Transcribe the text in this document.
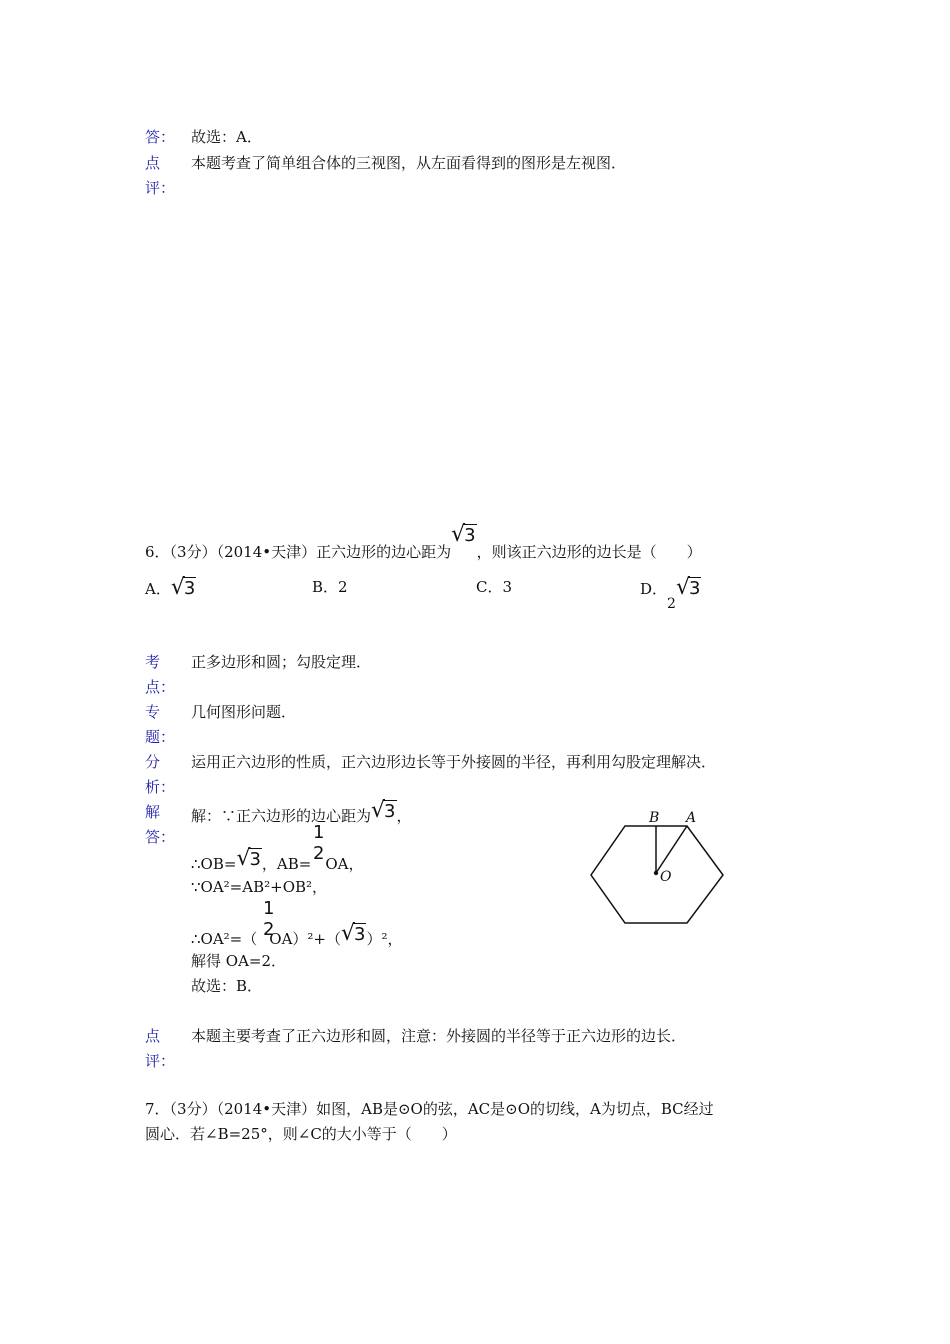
答： 故选：A．
点
评：
本题考查了简单组合体的三视图，从左面看得到的图形是左视图．
6．（3分）（2014•天津）正六边形的边心距为√3，则该正六边形的边长是（　　）
A．√3	B．2	C．3	D．2√3
考
点：
正多边形和圆；勾股定理．
专
题：
几何图形问题．
分
析：
运用正六边形的性质，正六边形边长等于外接圆的半径，再利用勾股定理解决．
解
答：
解：∵正六边形的边心距为√3，
1
2
∴OB=√3，AB= OA，
∵OA²=AB²+OB²，
1
2
∴OA²=（ OA）²+（√3）²，
解得 OA=2．
故选：B．
B A
O
点
评：
本题主要考查了正六边形和圆，注意：外接圆的半径等于正六边形的边长．
7．（3分）（2014•天津）如图，AB是⊙O的弦，AC是⊙O的切线，A为切点，BC经过
圆心．若∠B=25°，则∠C的大小等于（　　）
